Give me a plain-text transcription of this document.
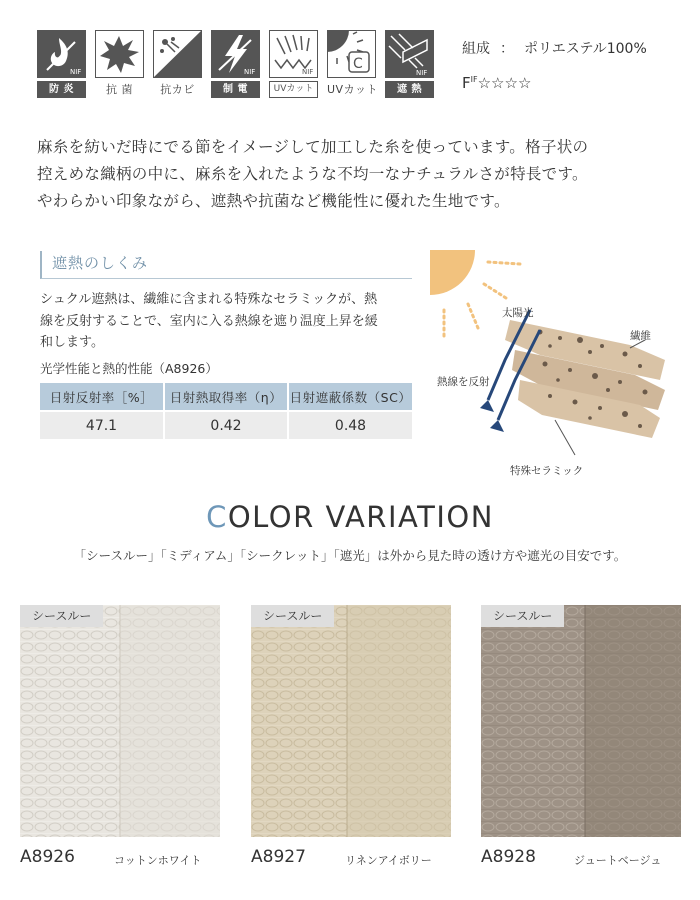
NIF
防 炎	抗 菌	抗カビ
NIF
制 電
NIF
UVカット
C
UVカット
NIF
遮 熱
組成 ： ポリエステル100%
$F^{IF}☆☆☆☆$
麻糸を紡いだ時にでる節をイメージして加工した糸を使っています。格子状の
控えめな織柄の中に、麻糸を入れたような不均一なナチュラルさが特長です。
やわらかい印象ながら、遮熱や抗菌など機能性に優れた生地です。
遮熱のしくみ
シュクル遮熱は、繊維に含まれる特殊なセラミックが、熱
線を反射することで、室内に入る熱線を遮り温度上昇を緩
和します。
光学性能と熱的性能（A8926）
日射反射率［%］	日射熱取得率（η）	日射遮蔽係数（SC）
47.1	0.42	0.48
太陽光
繊維
熱線を反射
特殊セラミック
COLOR VARIATION
「シースルー」「ミディアム」「シークレット」「遮光」は外から見た時の透け方や遮光の目安です。
シースルー	シースルー	シースルー
A8926	コットンホワイト	A8927	リネンアイボリー	A8928	ジュートベージュ
